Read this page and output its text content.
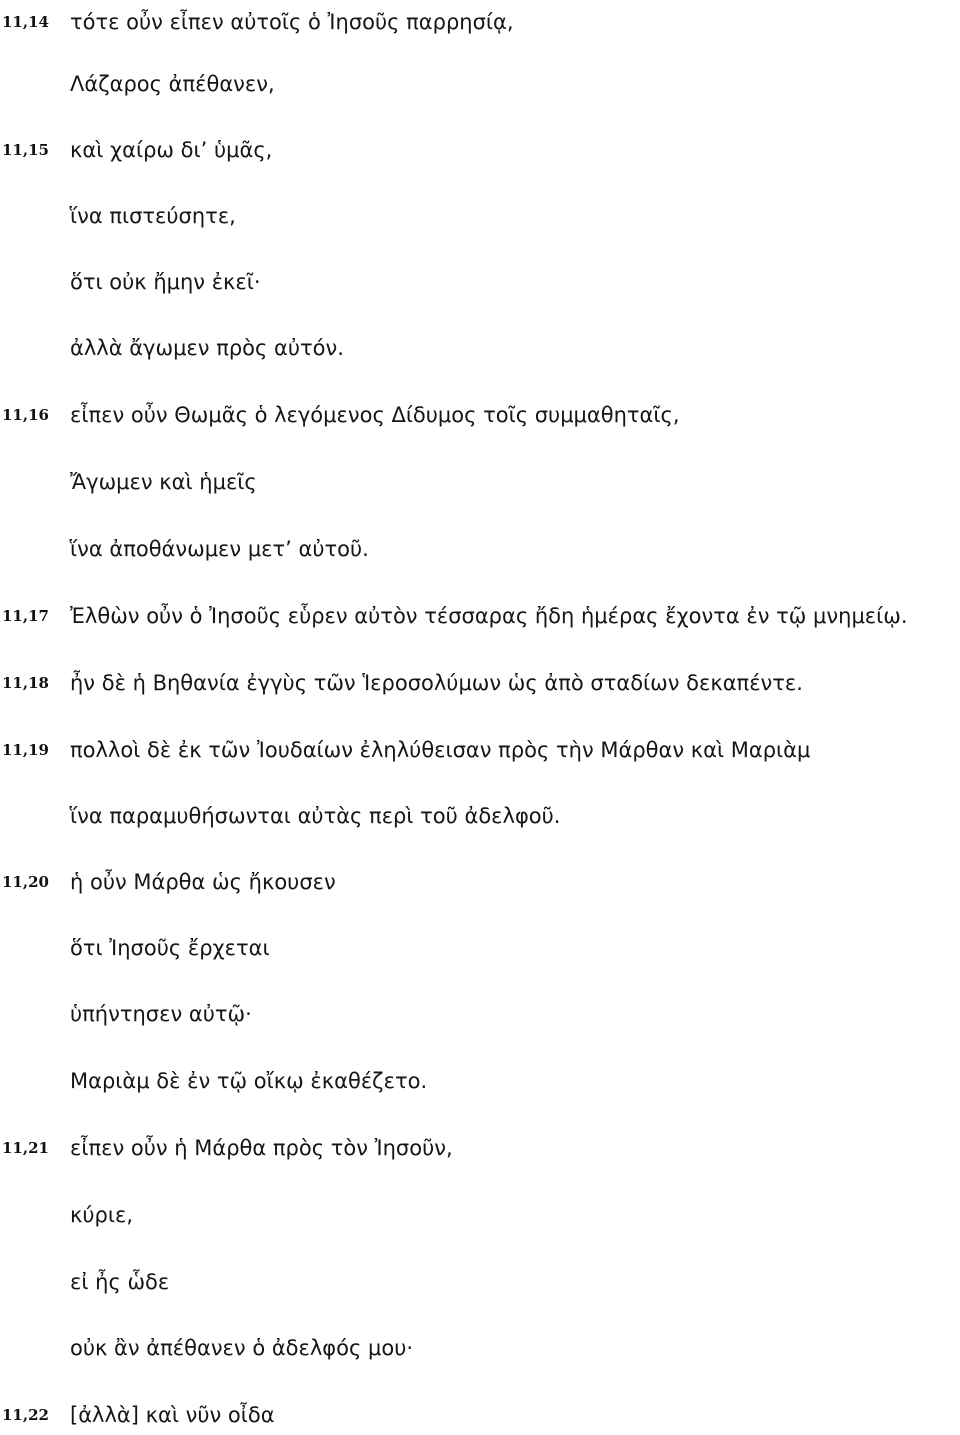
11,14 τότε οὖν εἶπεν αὐτοῖς ὁ Ἰησοῦς παρρησίᾳ,
Λάζαρος ἀπέθανεν,
11,15 καὶ χαίρω δι’ ὑμᾶς,
ἵνα πιστεύσητε,
ὅτι οὐκ ἤμην ἐκεῖ·
ἀλλὰ ἄγωμεν πρὸς αὐτόν.
11,16 εἶπεν οὖν Θωμᾶς ὁ λεγόμενος Δίδυμος τοῖς συμμαθηταῖς,
Ἄγωμεν καὶ ἡμεῖς
ἵνα ἀποθάνωμεν μετ’ αὐτοῦ.
11,17 Ἐλθὼν οὖν ὁ Ἰησοῦς εὗρεν αὐτὸν τέσσαρας ἤδη ἡμέρας ἔχοντα ἐν τῷ μνημείῳ.
11,18 ἦν δὲ ἡ Βηθανία ἐγγὺς τῶν Ἱεροσολύμων ὡς ἀπὸ σταδίων δεκαπέντε.
11,19 πολλοὶ δὲ ἐκ τῶν Ἰουδαίων ἐληλύθεισαν πρὸς τὴν Μάρθαν καὶ Μαριὰμ
ἵνα παραμυθήσωνται αὐτὰς περὶ τοῦ ἀδελφοῦ.
11,20 ἡ οὖν Μάρθα ὡς ἤκουσεν
ὅτι Ἰησοῦς ἔρχεται
ὑπήντησεν αὐτῷ·
Μαριὰμ δὲ ἐν τῷ οἴκῳ ἐκαθέζετο.
11,21 εἶπεν οὖν ἡ Μάρθα πρὸς τὸν Ἰησοῦν,
κύριε,
εἰ ἦς ὧδε
οὐκ ἂν ἀπέθανεν ὁ ἀδελφός μου·
11,22 [ἀλλὰ] καὶ νῦν οἶδα
